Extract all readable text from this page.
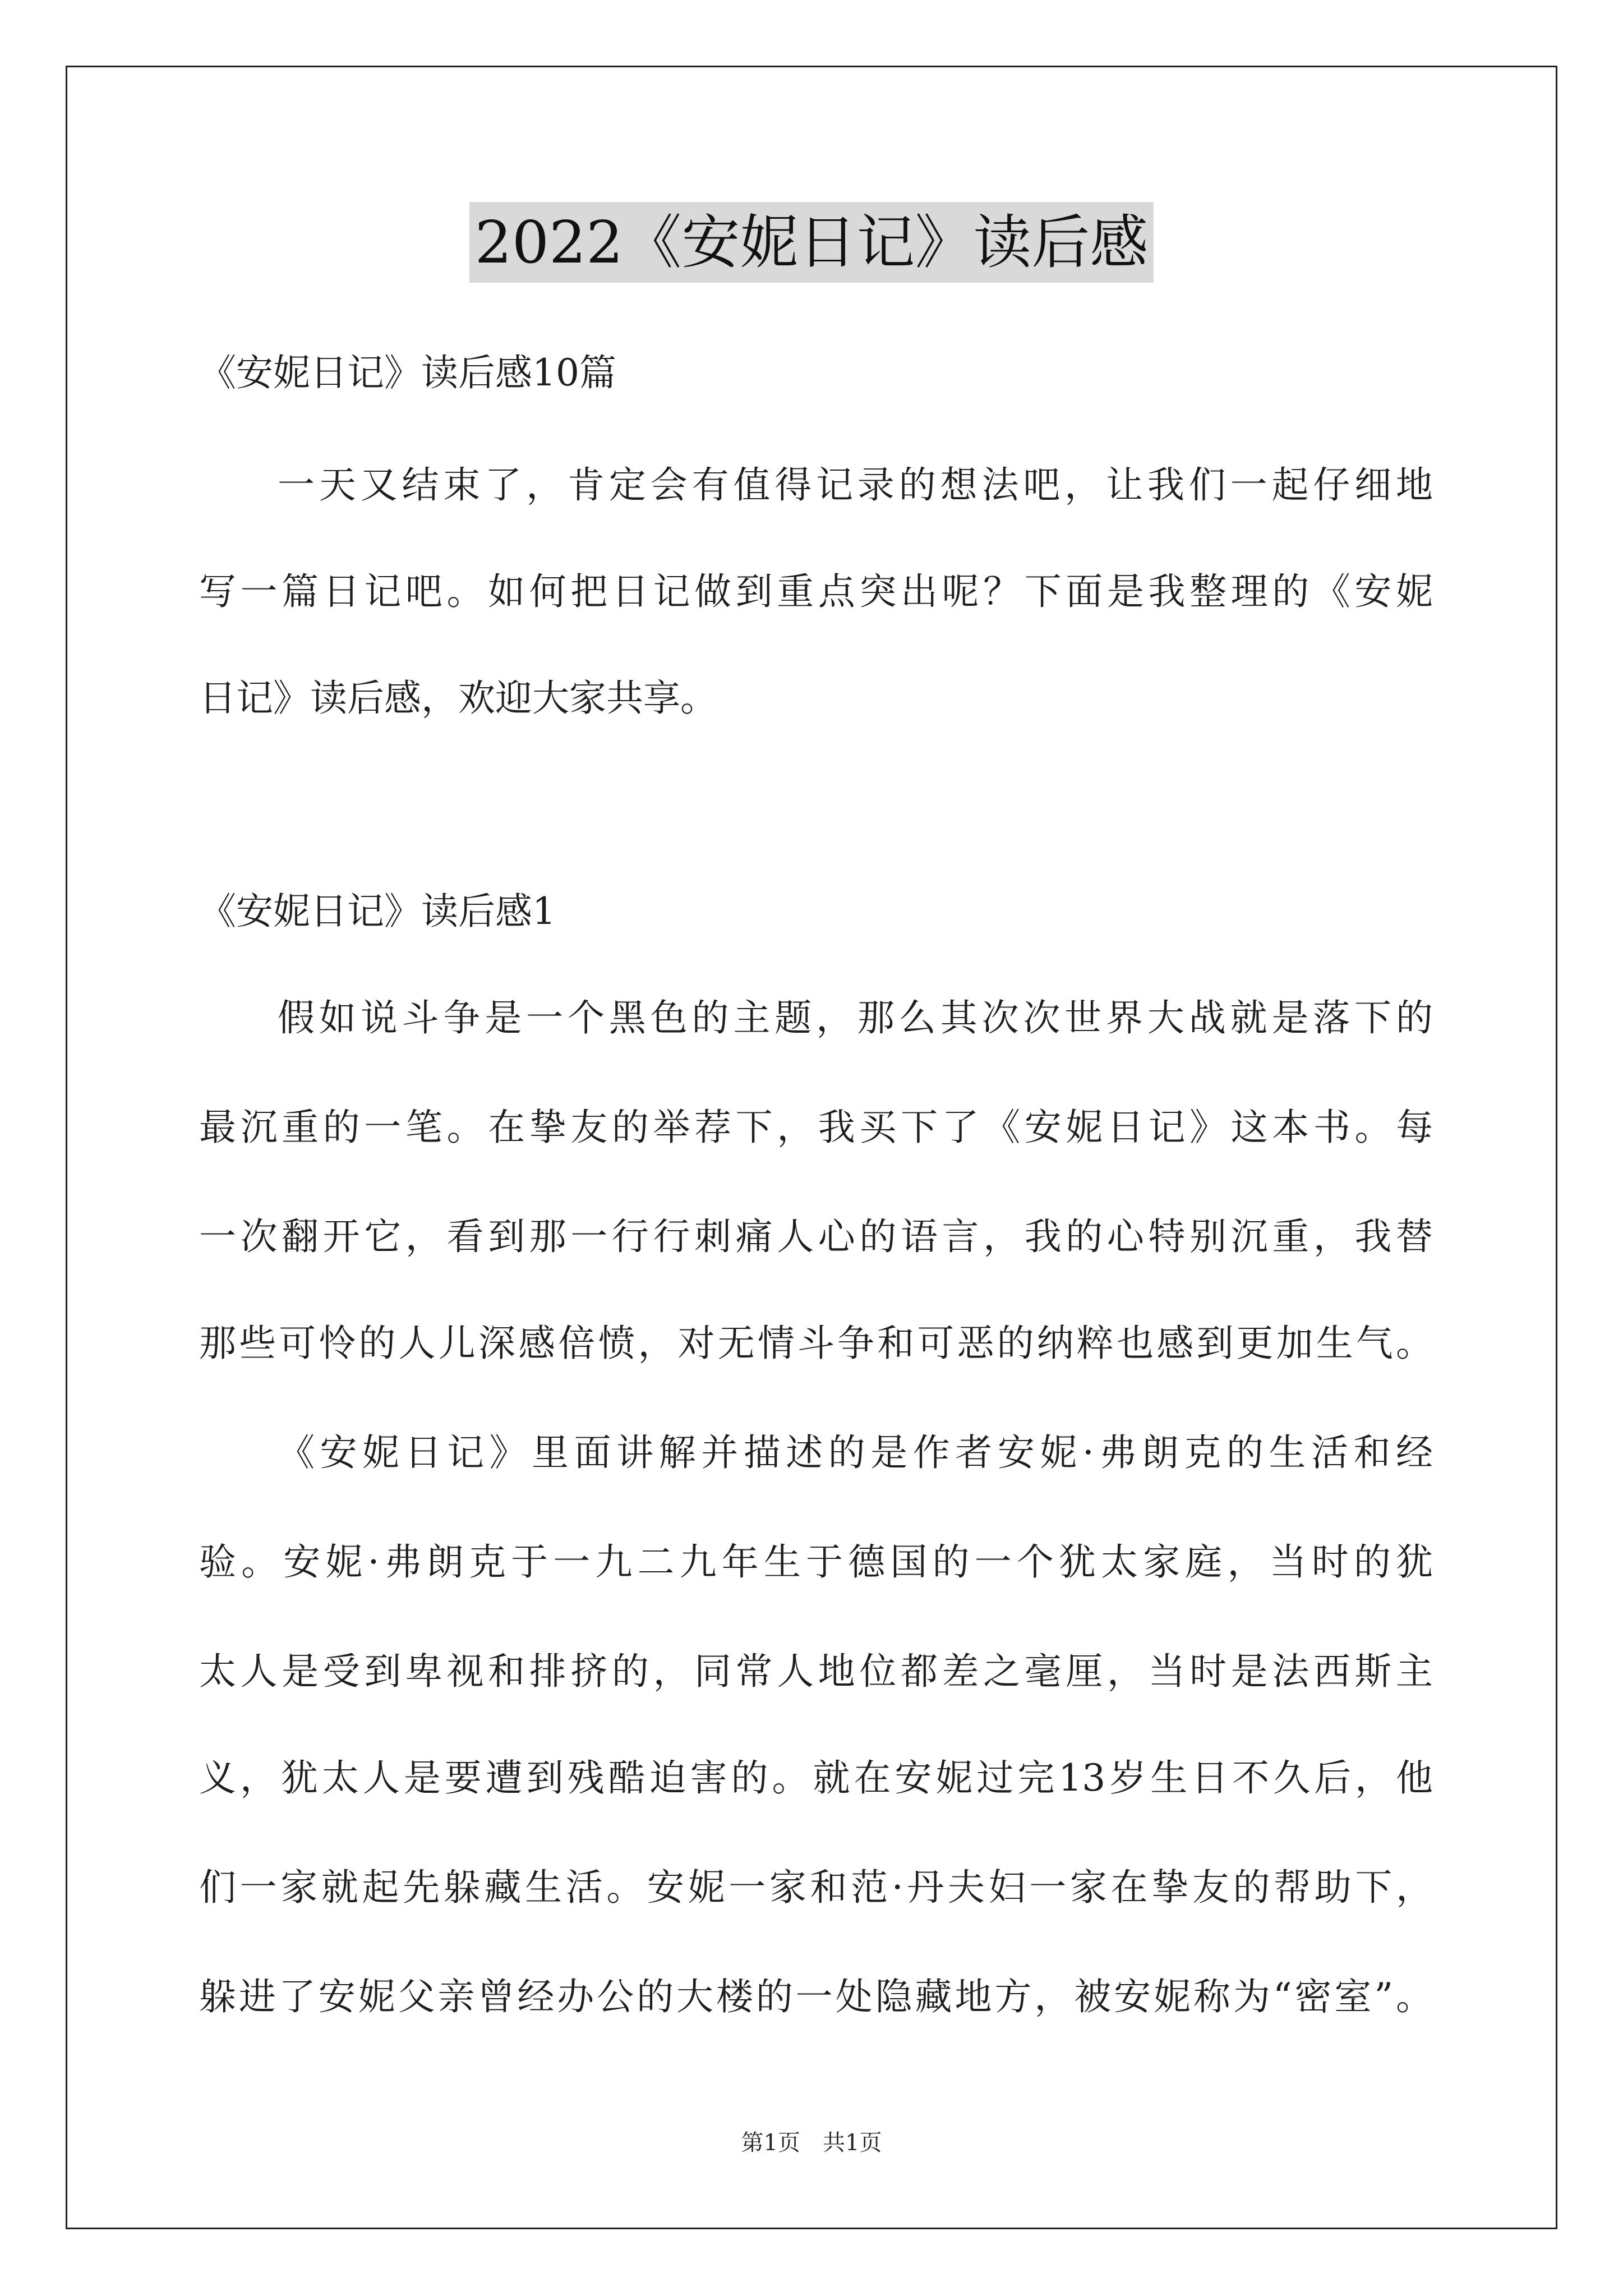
2022《安妮日记》读后感
《安妮日记》读后感10篇
一天又结束了，肯定会有值得记录的想法吧，让我们一起仔细地
写一篇日记吧。如何把日记做到重点突出呢？下面是我整理的《安妮
日记》读后感，欢迎大家共享。
《安妮日记》读后感1
假如说斗争是一个黑色的主题，那么其次次世界大战就是落下的
最沉重的一笔。在挚友的举荐下，我买下了《安妮日记》这本书。每
一次翻开它，看到那一行行刺痛人心的语言，我的心特别沉重，我替
那些可怜的人儿深感倍愤，对无情斗争和可恶的纳粹也感到更加生气。
《安妮日记》里面讲解并描述的是作者安妮·弗朗克的生活和经
验。安妮·弗朗克于一九二九年生于德国的一个犹太家庭，当时的犹
太人是受到卑视和排挤的，同常人地位都差之毫厘，当时是法西斯主
义，犹太人是要遭到残酷迫害的。就在安妮过完13岁生日不久后，他
们一家就起先躲藏生活。安妮一家和范·丹夫妇一家在挚友的帮助下，
躲进了安妮父亲曾经办公的大楼的一处隐藏地方，被安妮称为“密室”。
第1页　共1页
